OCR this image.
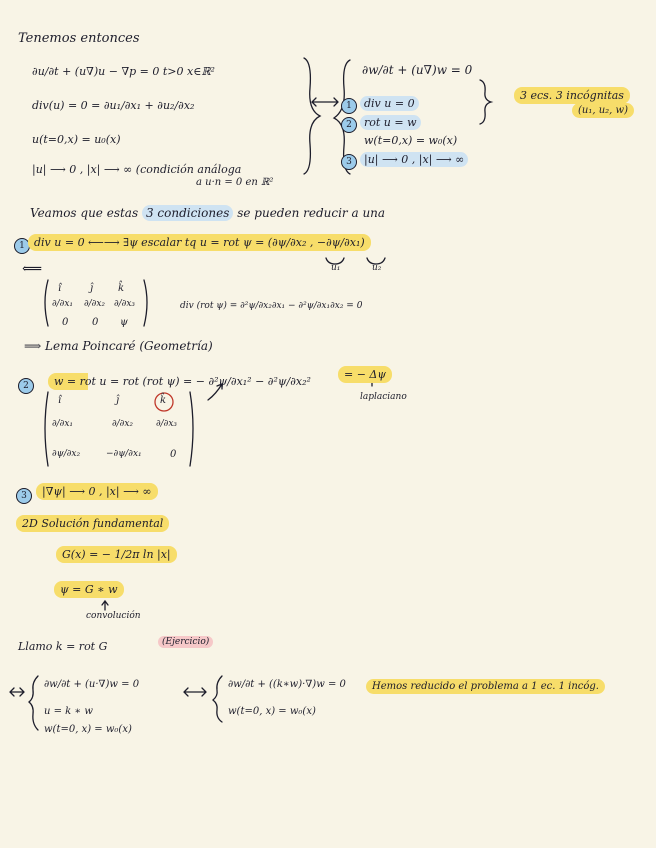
Tenemos entonces
∂u/∂t + (u∇)u − ∇p = 0 t>0 x∈ℝ²
div(u) = 0 = ∂u₁/∂x₁ + ∂u₂/∂x₂
u(t=0,x) = u₀(x)
|u| ⟶ 0 , |x| ⟶ ∞ (condición análoga
a u·n = 0 en ℝ²
∂w/∂t + (u∇)w = 0
1	div u = 0
2	rot u = w
w(t=0,x) = w₀(x)
3	|u| ⟶ 0 , |x| ⟶ ∞
3 ecs. 3 incógnitas
(u₁, u₂, w)
Veamos que estas 3 condiciones se pueden reducir a una
1 div u = 0 ⟵⟶ ∃ψ escalar tq u = rot ψ = (∂ψ/∂x₂ , −∂ψ/∂x₁)
u₁	u₂
⟸
î	ĵ k̂
∂/∂x₁ ∂/∂x₂ ∂/∂x₃
0 0 ψ
div (rot ψ) = ∂²ψ/∂x₂∂x₁ − ∂²ψ/∂x₁∂x₂ = 0
⟹ Lema Poincaré (Geometría)
2	w = rot u = rot (rot ψ) = − ∂²ψ/∂x₁² − ∂²ψ/∂x₂²
= − Δψ
laplaciano
î	ĵ	k̂
∂/∂x₁	∂/∂x₂	∂/∂x₃
∂ψ/∂x₂	−∂ψ/∂x₁	0
3	|∇ψ| ⟶ 0 , |x| ⟶ ∞
2D Solución fundamental
G(x) = − 1/2π ln |x|
ψ = G ∗ w
convolución
Llamo k = rot G	(Ejercicio)
∂w/∂t + (u·∇)w = 0
u = k ∗ w
w(t=0, x) = w₀(x)
∂w/∂t + ((k∗w)·∇)w = 0
w(t=0, x) = w₀(x)
Hemos reducido el problema a 1 ec. 1 incóg.
